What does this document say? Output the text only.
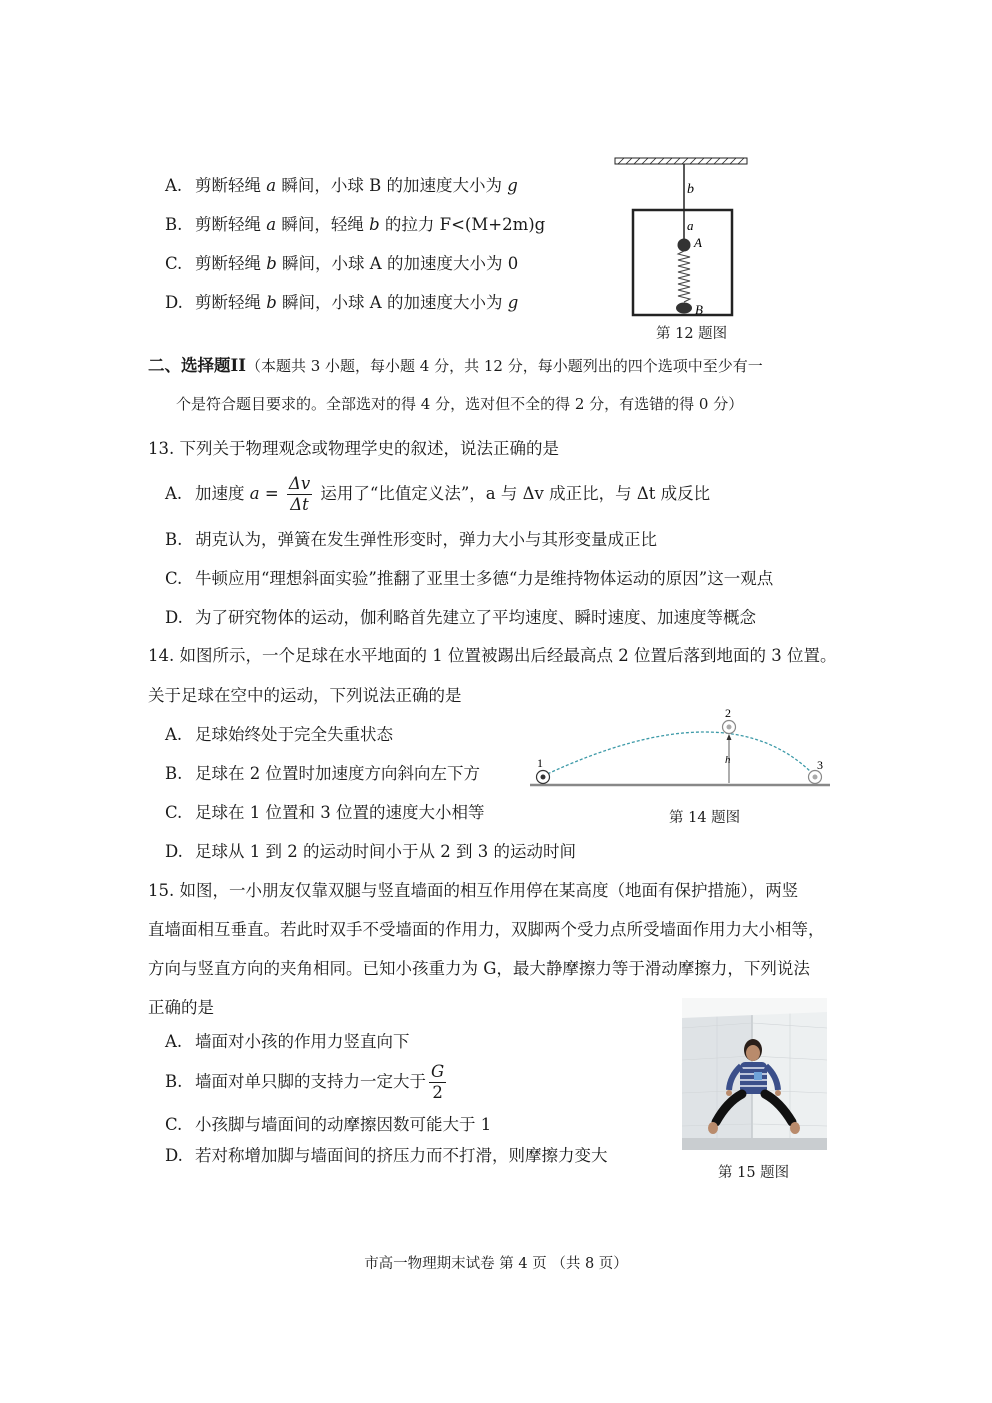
A. 剪断轻绳 a 瞬间，小球 B 的加速度大小为 g
B. 剪断轻绳 a 瞬间，轻绳 b 的拉力 F<(M+2m)g
C. 剪断轻绳 b 瞬间，小球 A 的加速度大小为 0
D. 剪断轻绳 b 瞬间，小球 A 的加速度大小为 g
b
a
A
B
第 12 题图
二、选择题II（本题共 3 小题，每小题 4 分，共 12 分，每小题列出的四个选项中至少有一
个是符合题目要求的。全部选对的得 4 分，选对但不全的得 2 分，有选错的得 0 分）
13. 下列关于物理观念或物理学史的叙述，说法正确的是
A. 加速度 $a = \frac{\Delta v}{\Delta t}$ 运用了“比值定义法”，a 与 Δv 成正比，与 Δt 成反比
B. 胡克认为，弹簧在发生弹性形变时，弹力大小与其形变量成正比
C. 牛顿应用“理想斜面实验”推翻了亚里士多德“力是维持物体运动的原因”这一观点
D. 为了研究物体的运动，伽利略首先建立了平均速度、瞬时速度、加速度等概念
14. 如图所示，一个足球在水平地面的 1 位置被踢出后经最高点 2 位置后落到地面的 3 位置。
关于足球在空中的运动，下列说法正确的是
A. 足球始终处于完全失重状态
B. 足球在 2 位置时加速度方向斜向左下方
C. 足球在 1 位置和 3 位置的速度大小相等
D. 足球从 1 到 2 的运动时间小于从 2 到 3 的运动时间
1
2
h	3
第 14 题图
15. 如图，一小朋友仅靠双腿与竖直墙面的相互作用停在某高度（地面有保护措施），两竖
直墙面相互垂直。若此时双手不受墙面的作用力，双脚两个受力点所受墙面作用力大小相等，
方向与竖直方向的夹角相同。已知小孩重力为 G，最大静摩擦力等于滑动摩擦力，下列说法
正确的是
A. 墙面对小孩的作用力竖直向下
B. 墙面对单只脚的支持力一定大于 $\frac{G}{2}$
C. 小孩脚与墙面间的动摩擦因数可能大于 1
D. 若对称增加脚与墙面间的挤压力而不打滑，则摩擦力变大
第 15 题图
市高一物理期末试卷 第 4 页 （共 8 页）
